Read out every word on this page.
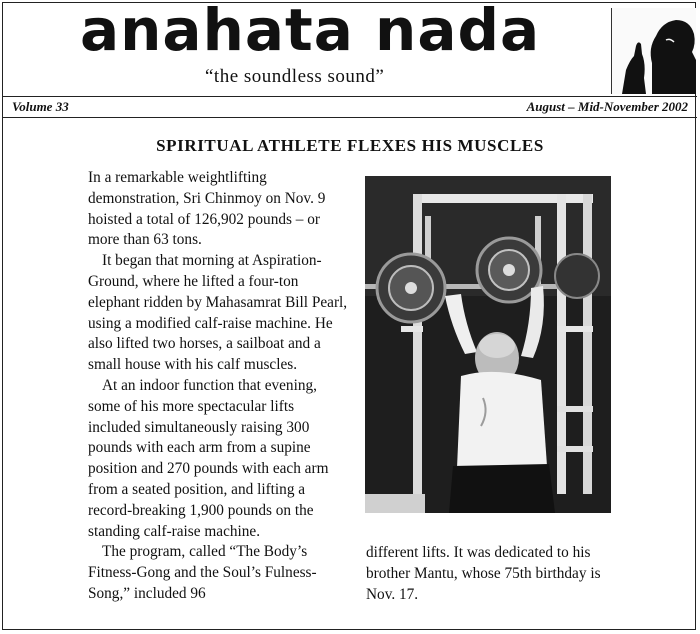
anahata nada
“the soundless sound”
Volume 33	August – Mid-November 2002
SPIRITUAL ATHLETE FLEXES HIS MUSCLES

In a remarkable weightlifting demonstration, Sri Chinmoy on Nov. 9 hoisted a total of 126,902 pounds – or more than 63 tons.

It began that morning at Aspiration-Ground, where he lifted a four-ton elephant ridden by Mahasamrat Bill Pearl, using a modified calf-raise machine. He also lifted two horses, a sailboat and a small house with his calf muscles.

At an indoor function that evening, some of his more spectacular lifts included simultaneously raising 300 pounds with each arm from a supine position and 270 pounds with each arm from a seated position, and lifting a record-breaking 1,900 pounds on the standing calf-raise machine.

The program, called “The Body’s Fitness-Gong and the Soul’s Fulness-Song,” included 96

different lifts. It was dedicated to his brother Mantu, whose 75th birthday is Nov. 17.
